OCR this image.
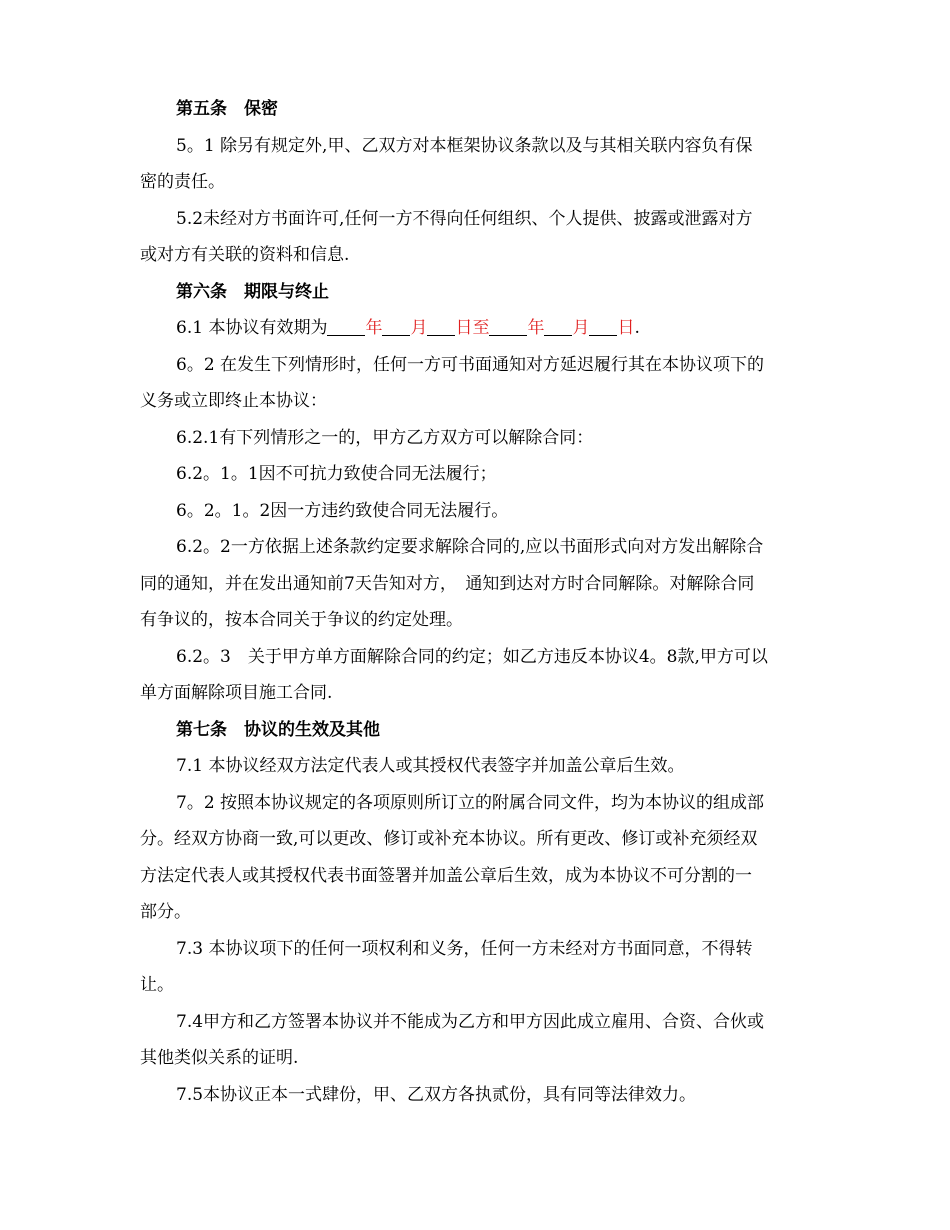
第五条　保密
5。1 除另有规定外,甲、乙双方对本框架协议条款以及与其相关联内容负有保
密的责任。
5.2未经对方书面许可,任何一方不得向任何组织、个人提供、披露或泄露对方
或对方有关联的资料和信息.
第六条　期限与终止
6.1 本协议有效期为 年 月 日至 年 月 日.
6。2 在发生下列情形时，任何一方可书面通知对方延迟履行其在本协议项下的
义务或立即终止本协议：
6.2.1有下列情形之一的，甲方乙方双方可以解除合同：
6.2。1。1因不可抗力致使合同无法履行；
6。2。1。2因一方违约致使合同无法履行。
6.2。2一方依据上述条款约定要求解除合同的,应以书面形式向对方发出解除合
同的通知，并在发出通知前7天告知对方，　通知到达对方时合同解除。对解除合同
有争议的，按本合同关于争议的约定处理。
6.2。3　关于甲方单方面解除合同的约定；如乙方违反本协议4。8款,甲方可以
单方面解除项目施工合同.
第七条　协议的生效及其他
7.1 本协议经双方法定代表人或其授权代表签字并加盖公章后生效。
7。2 按照本协议规定的各项原则所订立的附属合同文件，均为本协议的组成部
分。经双方协商一致,可以更改、修订或补充本协议。所有更改、修订或补充须经双
方法定代表人或其授权代表书面签署并加盖公章后生效，成为本协议不可分割的一
部分。
7.3 本协议项下的任何一项权利和义务，任何一方未经对方书面同意，不得转
让。
7.4甲方和乙方签署本协议并不能成为乙方和甲方因此成立雇用、合资、合伙或
其他类似关系的证明.
7.5本协议正本一式肆份，甲、乙双方各执贰份，具有同等法律效力。
